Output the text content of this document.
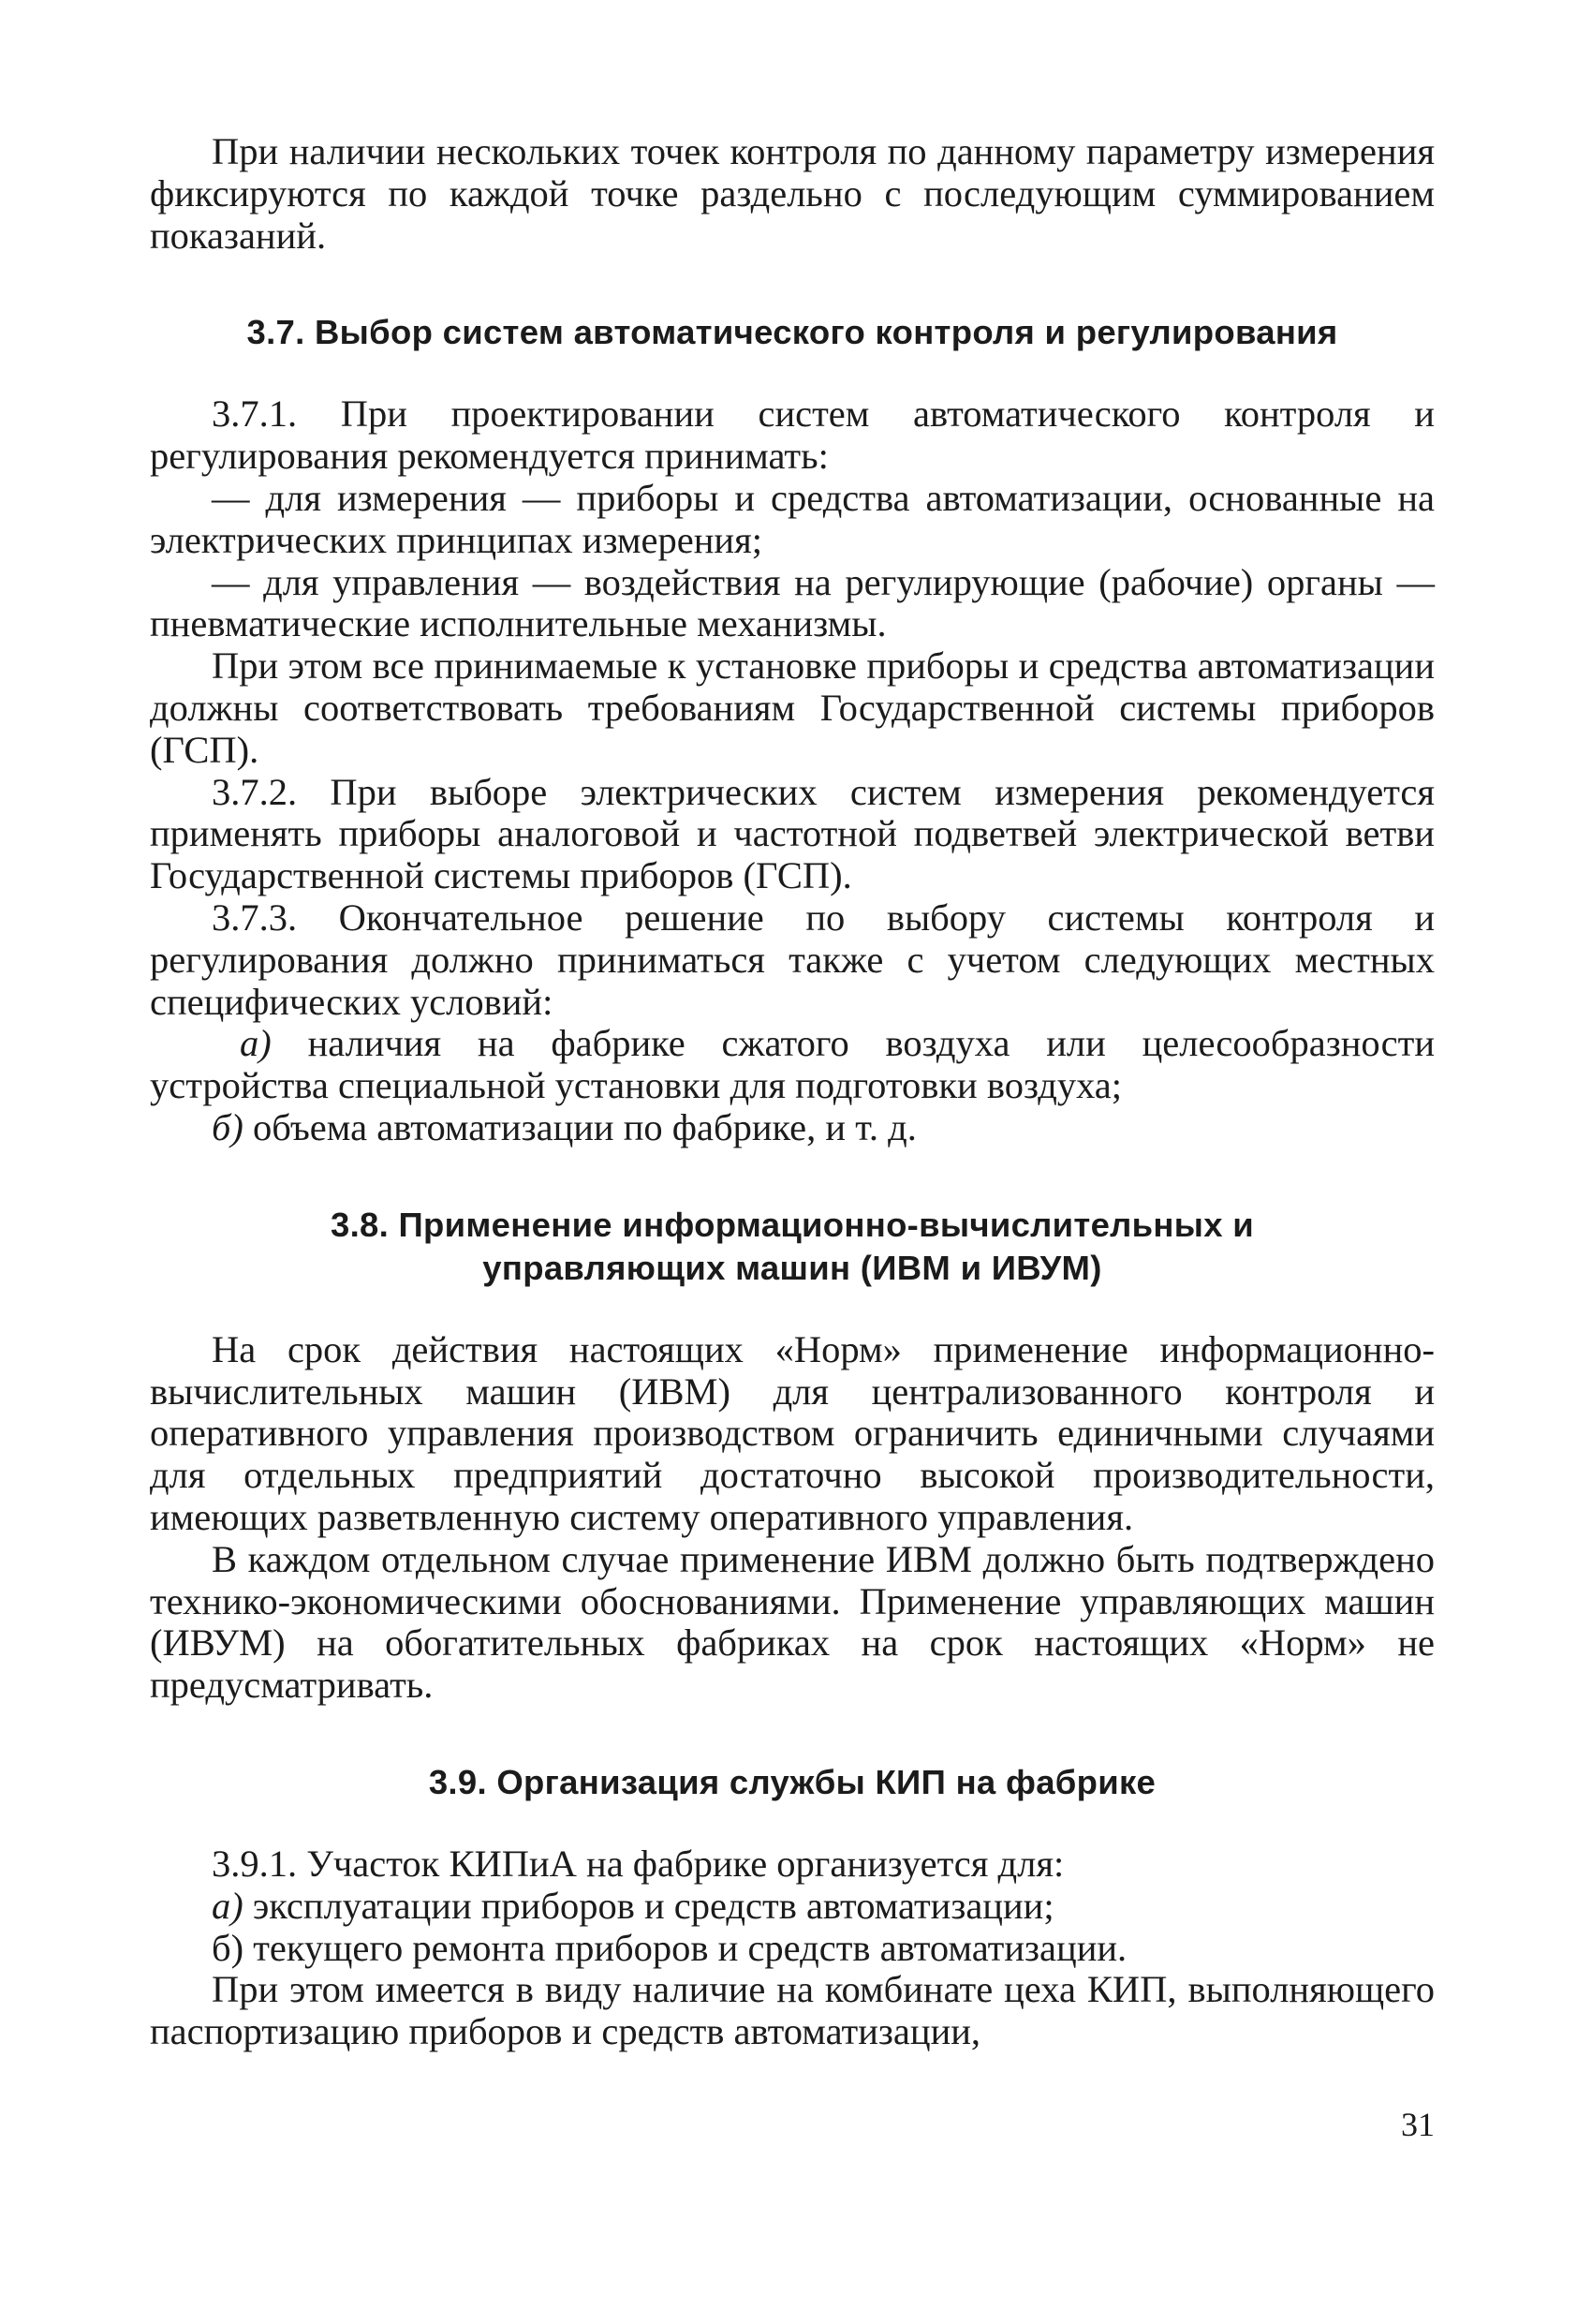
При наличии нескольких точек контроля по данному параметру измерения фиксируются по каждой точке раздельно с последующим суммированием показаний.

3.7. Выбор систем автоматического контроля и регулирования

3.7.1. При проектировании систем автоматического контроля и регулирования рекомендуется принимать:

— для измерения — приборы и средства автоматизации, основанные на электрических принципах измерения;

— для управления — воздействия на регулирующие (рабочие) органы — пневматические исполнительные механизмы.

При этом все принимаемые к установке приборы и средства автоматизации должны соответствовать требованиям Государственной системы приборов (ГСП).

3.7.2. При выборе электрических систем измерения рекомендуется применять приборы аналоговой и частотной подветвей электрической ветви Государственной системы приборов (ГСП).

3.7.3. Окончательное решение по выбору системы контроля и регулирования должно приниматься также с учетом следующих местных специфических условий:

а) наличия на фабрике сжатого воздуха или целесообразности устройства специальной установки для подготовки воздуха;

б) объема автоматизации по фабрике, и т. д.

3.8. Применение информационно-вычислительных и
управляющих машин (ИВМ и ИВУМ)

На срок действия настоящих «Норм» применение информационно-вычислительных машин (ИВМ) для централизованного контроля и оперативного управления производством ограничить единичными случаями для отдельных предприятий достаточно высокой производительности, имеющих разветвленную систему оперативного управления.

В каждом отдельном случае применение ИВМ должно быть подтверждено технико-экономическими обоснованиями. Применение управляющих машин (ИВУМ) на обогатительных фабриках на срок настоящих «Норм» не предусматривать.

3.9. Организация службы КИП на фабрике

3.9.1. Участок КИПиА на фабрике организуется для:

а) эксплуатации приборов и средств автоматизации;

б) текущего ремонта приборов и средств автоматизации.

При этом имеется в виду наличие на комбинате цеха КИП, выполняющего паспортизацию приборов и средств автоматизации,

31
